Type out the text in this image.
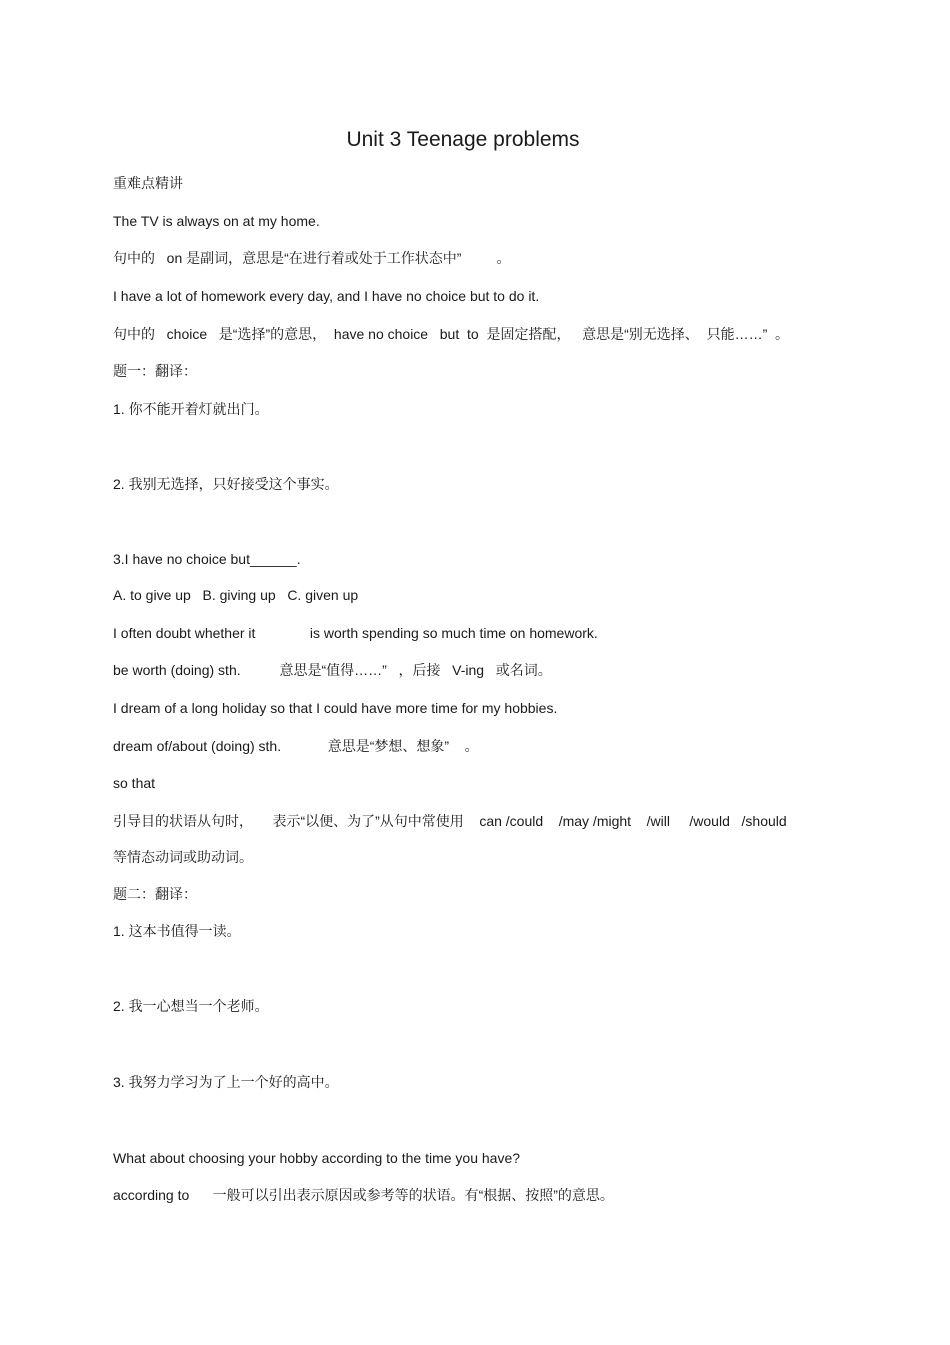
Unit 3 Teenage problems
重难点精讲
The TV is always on at my home.
句中的   on 是副词，意思是“在进行着或处于工作状态中”         。
I have a lot of homework every day, and I have no choice but to do it.
句中的   choice   是“选择”的意思，  have no choice   but  to  是固定搭配，   意思是“别无选择、  只能……”  。
题一：翻译：
1. 你不能开着灯就出门。
2. 我别无选择，只好接受这个事实。
3.I have no choice but______.
A. to give up   B. giving up   C. given up
I often doubt whether it              is worth spending so much time on homework.
be worth (doing) sth.          意思是“值得……”   ，后接   V-ing   或名词。
I dream of a long holiday so that I could have more time for my hobbies.
dream of/about (doing) sth.            意思是“梦想、想象”    。
so that
引导目的状语从句时，     表示“以便、为了”从句中常使用    can /could    /may /might    /will     /would   /should
等情态动词或助动词。
题二：翻译：
1. 这本书值得一读。
2. 我一心想当一个老师。
3. 我努力学习为了上一个好的高中。
What about choosing your hobby according to the time you have?
according to      一般可以引出表示原因或参考等的状语。有“根据、按照”的意思。
